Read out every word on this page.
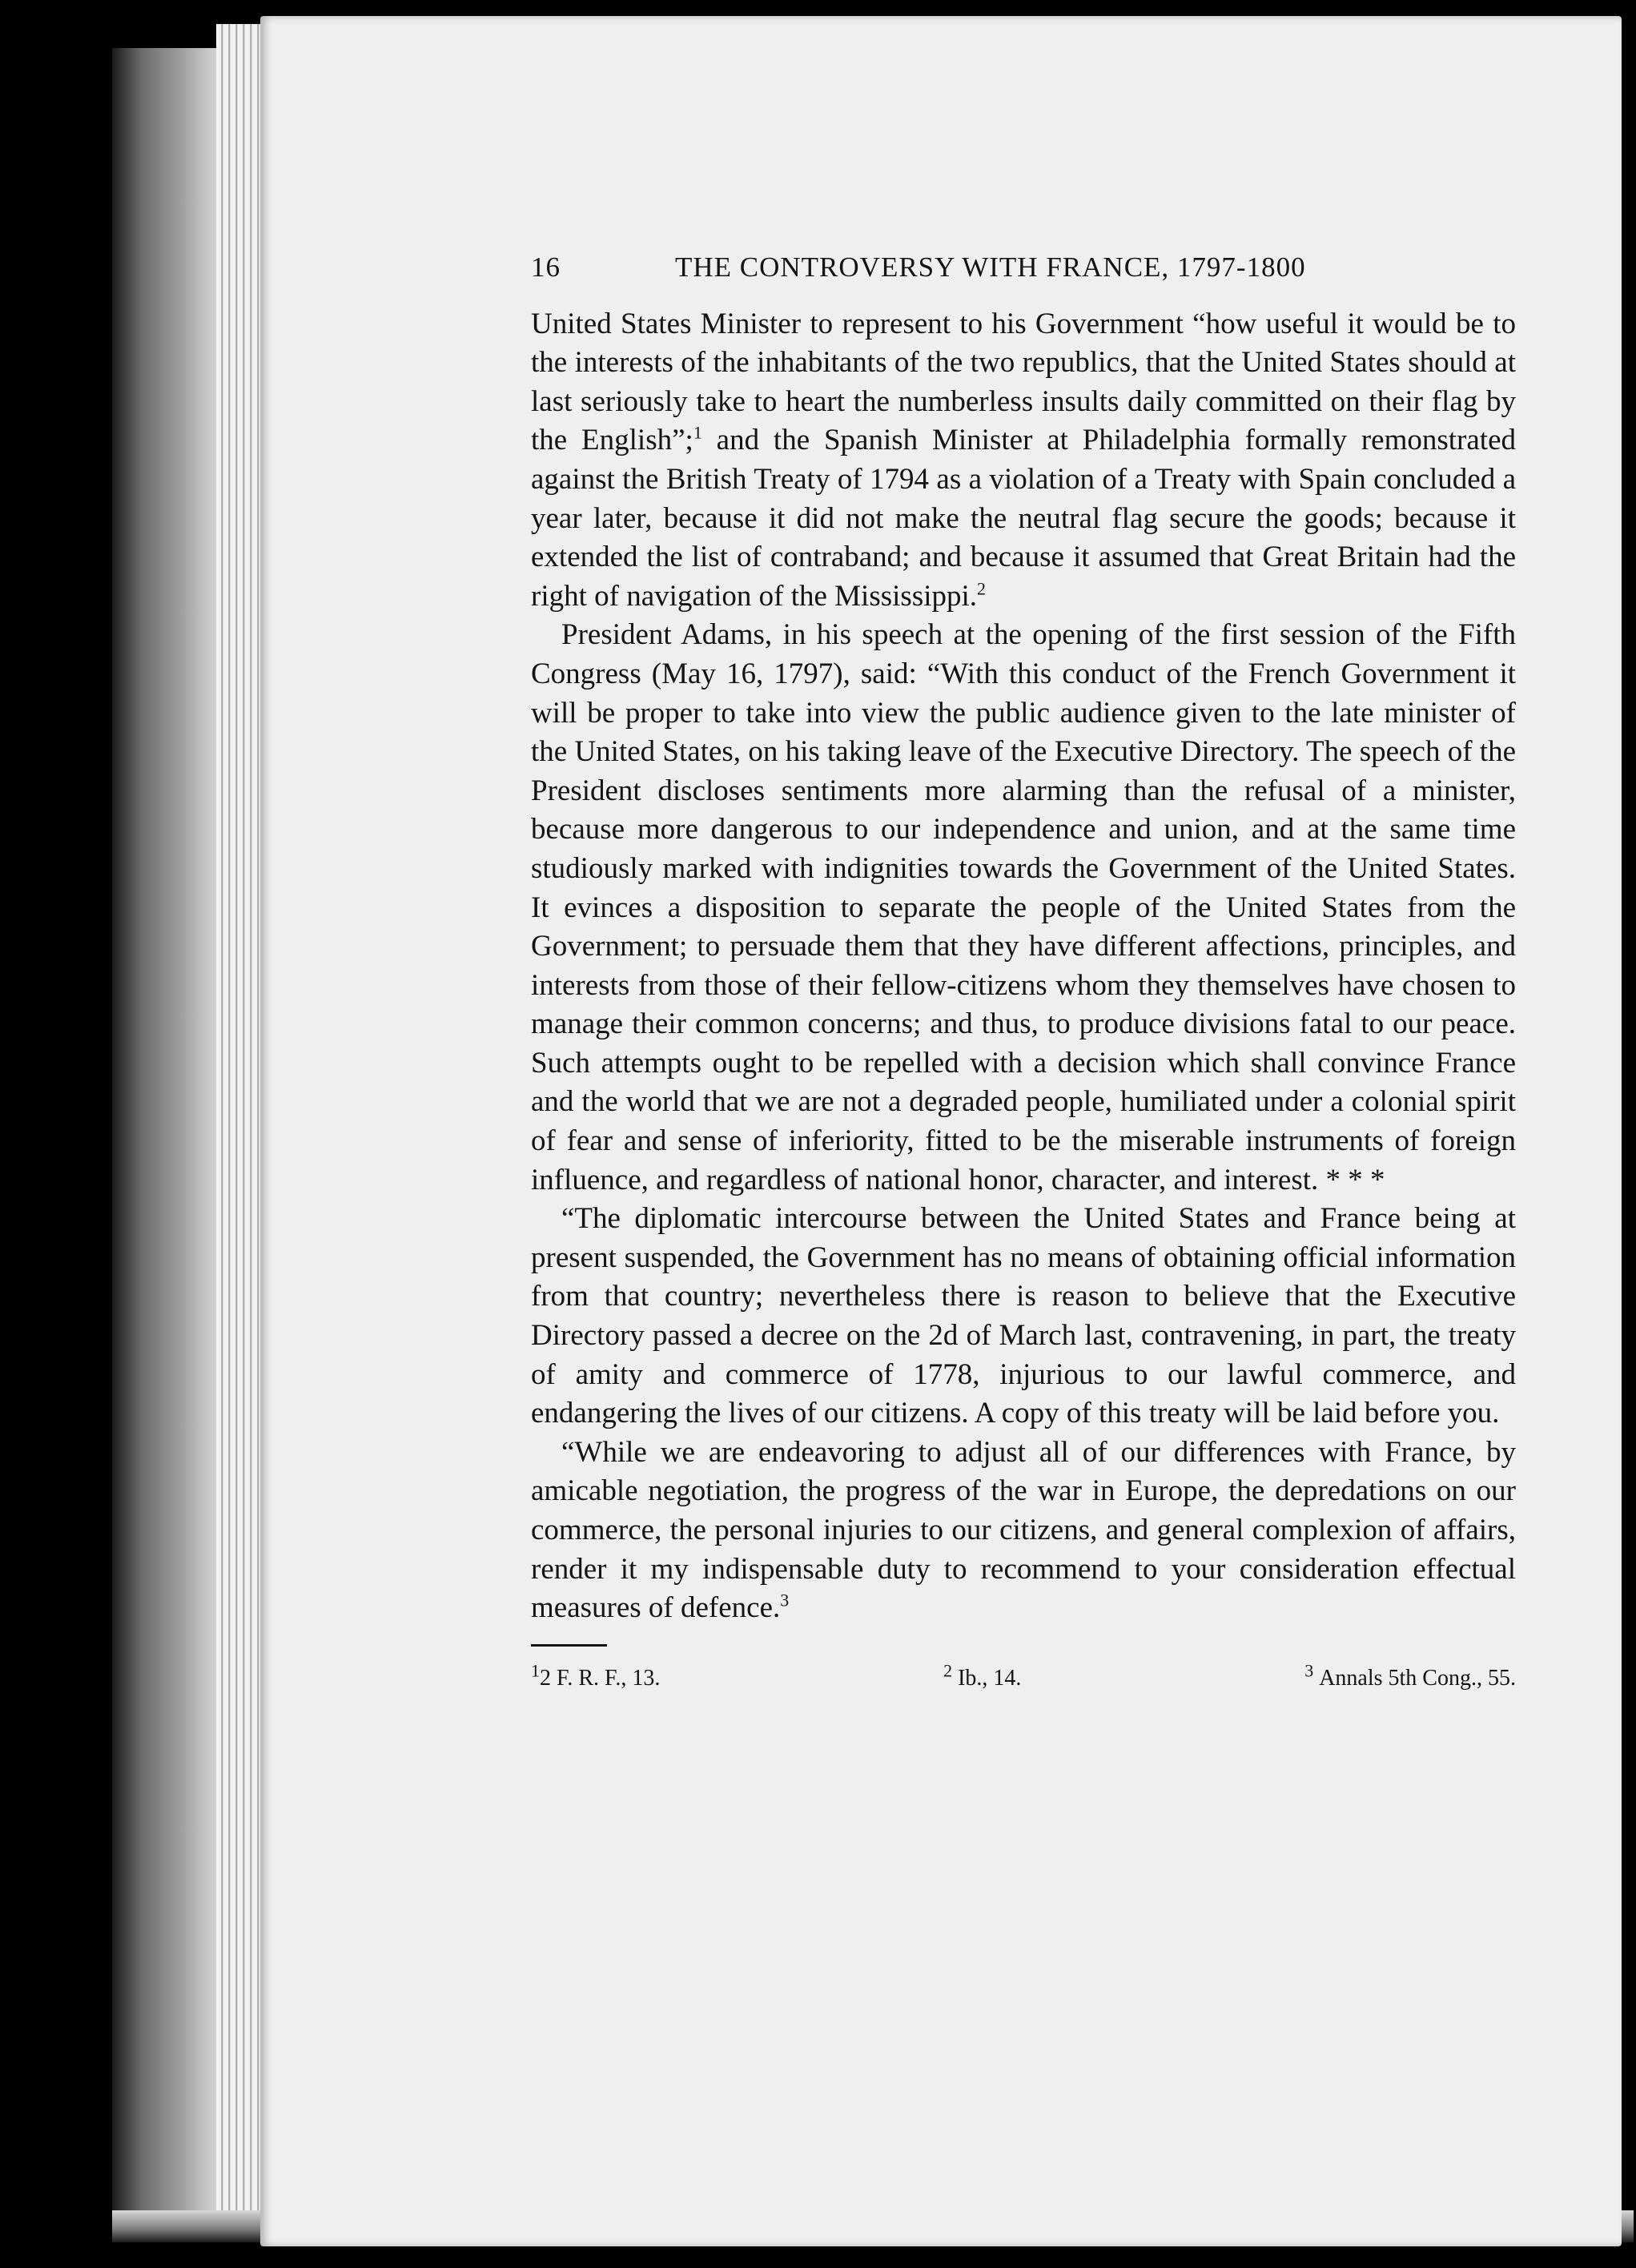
16	THE CONTROVERSY WITH FRANCE, 1797-1800

United States Minister to represent to his Government “how useful it would be to the interests of the inhabitants of the two republics, that the United States should at last seriously take to heart the numberless insults daily committed on their flag by the English”;$^1$ and the Spanish Minister at Philadelphia formally remonstrated against the British Treaty of 1794 as a violation of a Treaty with Spain concluded a year later, because it did not make the neutral flag secure the goods; because it extended the list of contraband; and because it assumed that Great Britain had the right of navigation of the Mississippi.$^2$

President Adams, in his speech at the opening of the first session of the Fifth Congress (May 16, 1797), said: “With this conduct of the French Government it will be proper to take into view the public audience given to the late minister of the United States, on his taking leave of the Executive Directory. The speech of the President discloses sentiments more alarming than the refusal of a minister, because more dangerous to our independence and union, and at the same time studiously marked with indignities towards the Government of the United States. It evinces a disposition to separate the people of the United States from the Government; to persuade them that they have different affections, principles, and interests from those of their fellow-citizens whom they themselves have chosen to manage their common concerns; and thus, to produce divisions fatal to our peace. Such attempts ought to be repelled with a decision which shall convince France and the world that we are not a degraded people, humiliated under a colonial spirit of fear and sense of inferiority, fitted to be the miserable instruments of foreign influence, and regardless of national honor, character, and interest. * * *

“The diplomatic intercourse between the United States and France being at present suspended, the Government has no means of obtaining official information from that country; nevertheless there is reason to believe that the Executive Directory passed a decree on the 2d of March last, contravening, in part, the treaty of amity and commerce of 1778, injurious to our lawful commerce, and endangering the lives of our citizens. A copy of this treaty will be laid before you.

“While we are endeavoring to adjust all of our differences with France, by amicable negotiation, the progress of the war in Europe, the depredations on our commerce, the personal injuries to our citizens, and general complexion of affairs, render it my indispensable duty to recommend to your consideration effectual measures of defence.$^3$

$^1$2 F. R. F., 13.	$^2$ Ib., 14.	$^3$ Annals 5th Cong., 55.
